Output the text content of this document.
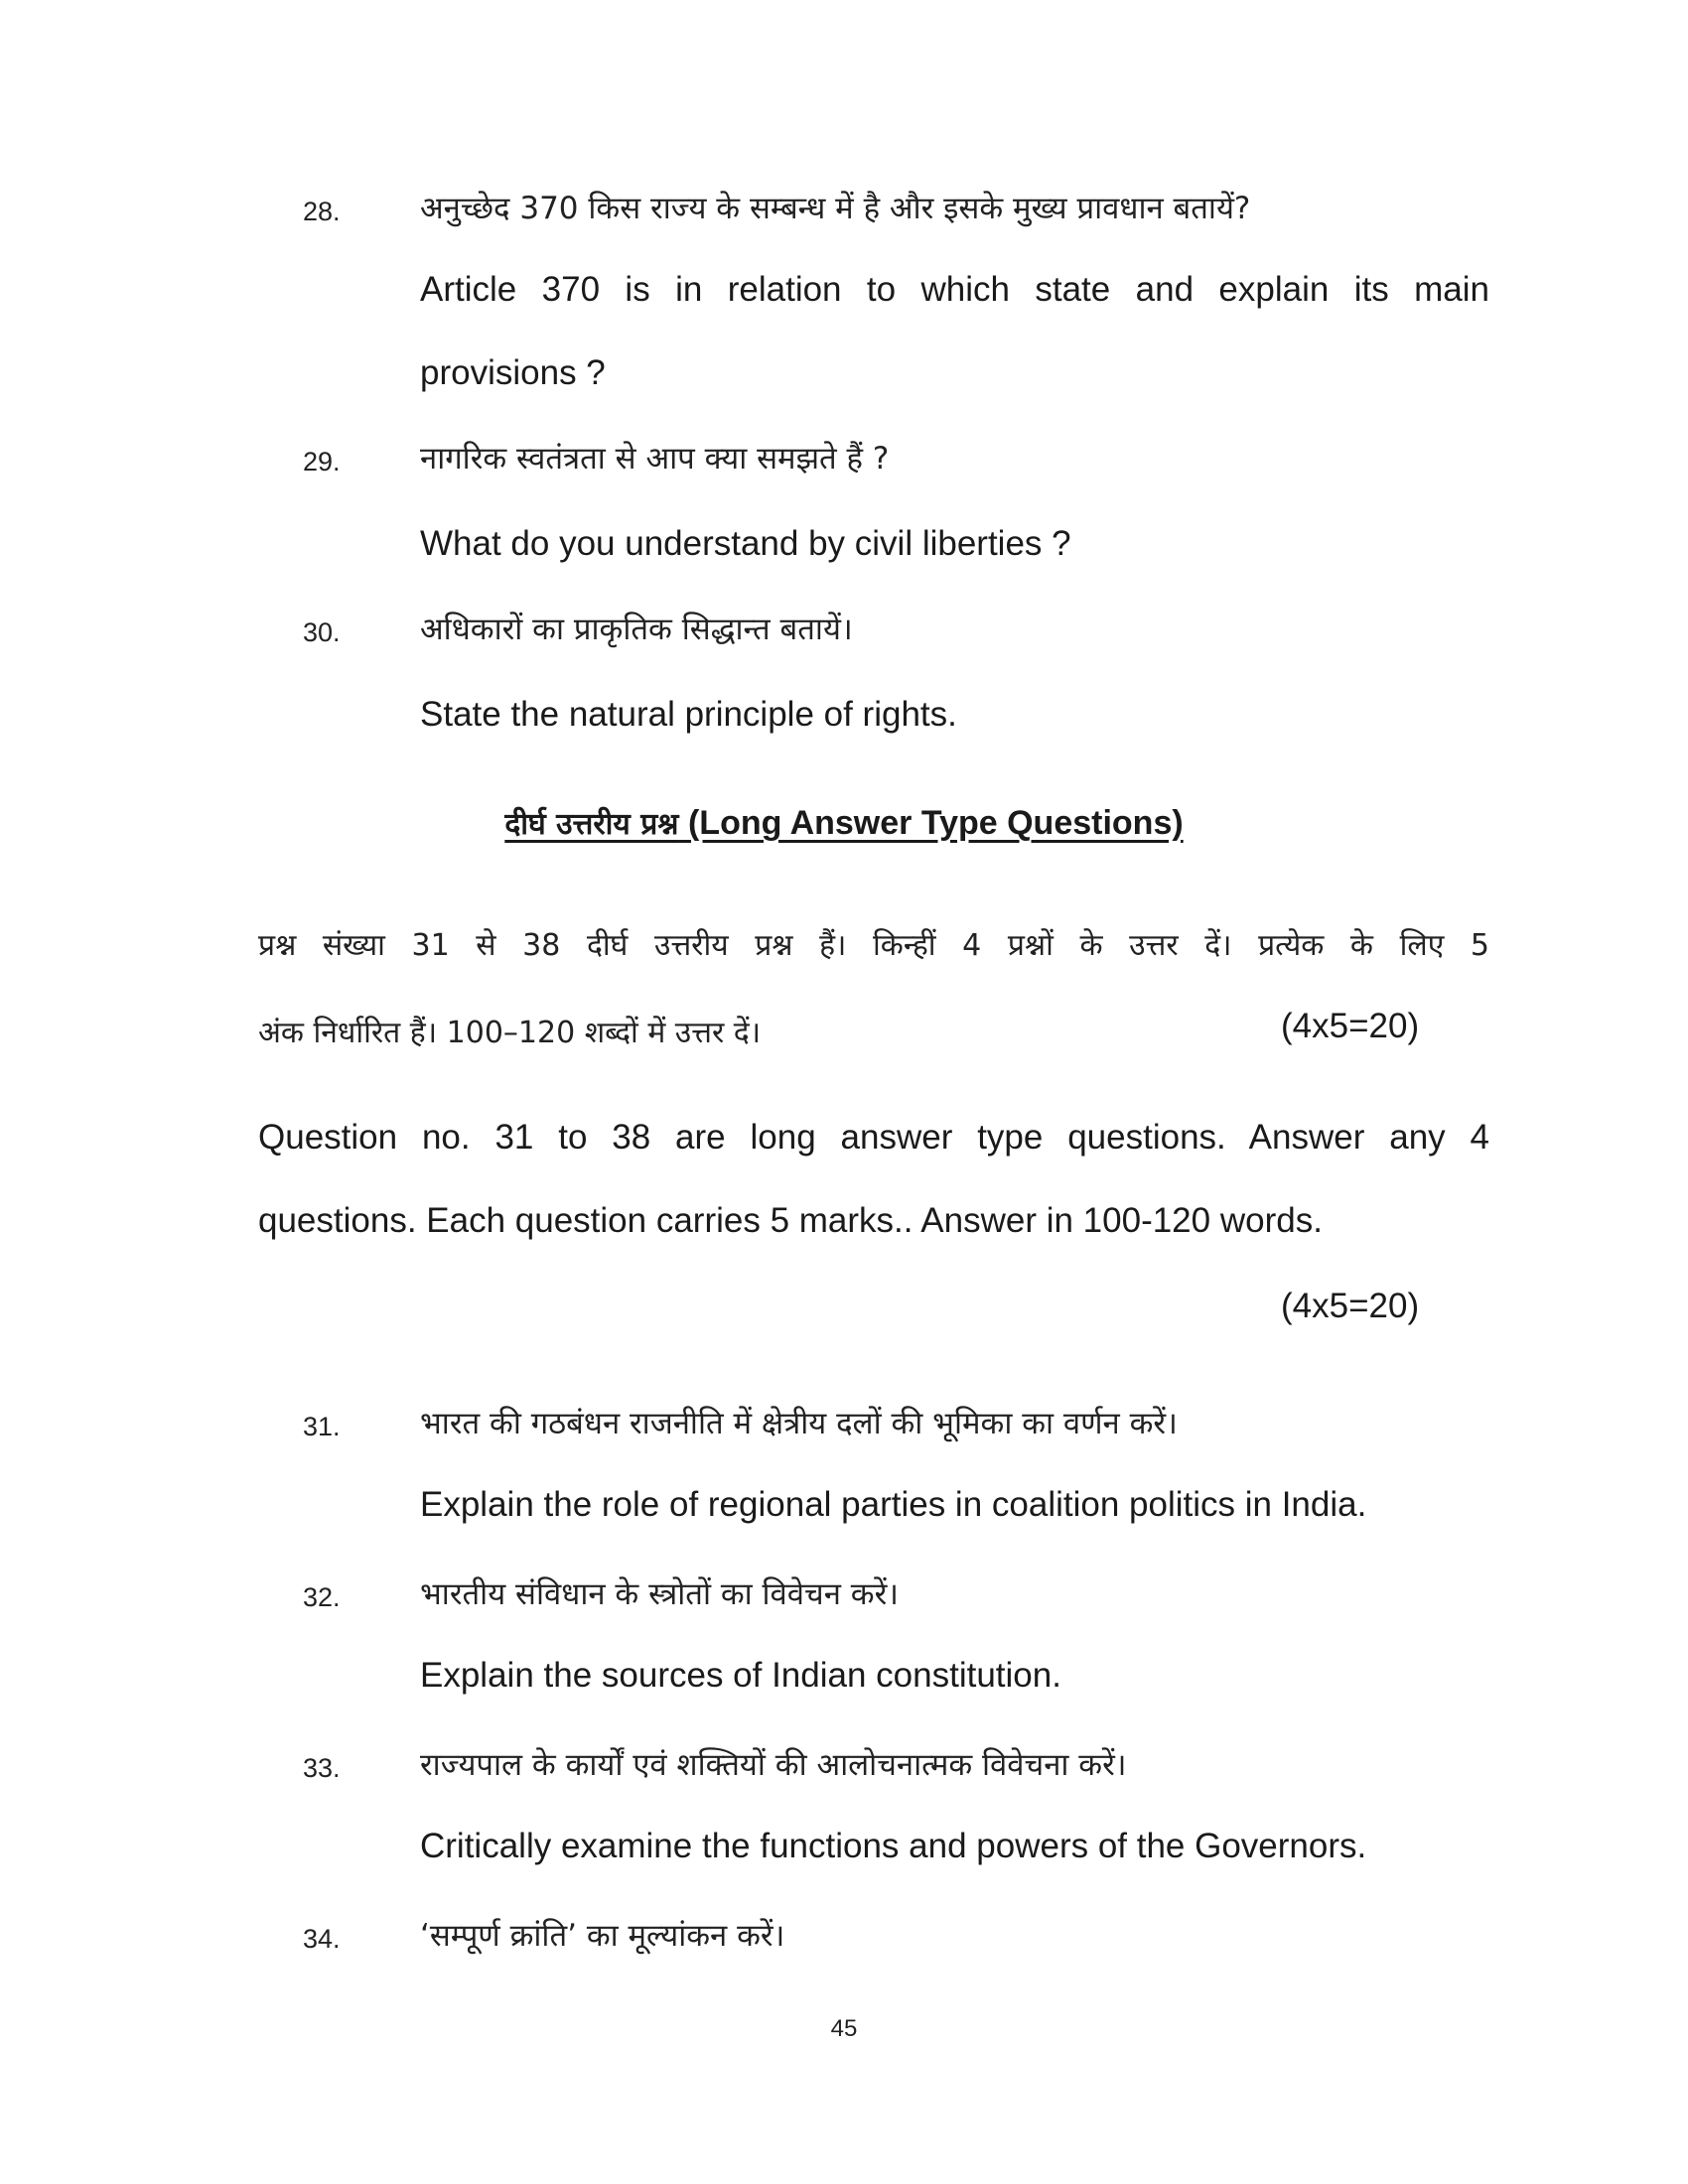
28.	अनुच्छेद 370 किस राज्य के सम्बन्ध में है और इसके मुख्य प्रावधान बतायें?
Article 370 is in relation to which state and explain its main
provisions ?
29.	नागरिक स्वतंत्रता से आप क्या समझते हैं ?
What do you understand by civil liberties ?
30.	अधिकारों का प्राकृतिक सिद्धान्त बतायें।
State the natural principle of rights.
दीर्घ उत्तरीय प्रश्न (Long Answer Type Questions)
प्रश्न संख्या 31 से 38 दीर्घ उत्तरीय प्रश्न हैं। किन्हीं 4 प्रश्नों के उत्तर दें। प्रत्येक के लिए 5
अंक निर्धारित हैं। 100–120 शब्दों में उत्तर दें।	(4x5=20)
Question no. 31 to 38 are long answer type questions. Answer any 4
questions. Each question carries 5 marks.. Answer in 100-120 words.
(4x5=20)
31.	भारत की गठबंधन राजनीति में क्षेत्रीय दलों की भूमिका का वर्णन करें।
Explain the role of regional parties in coalition politics in India.
32.	भारतीय संविधान के स्त्रोतों का विवेचन करें।
Explain the sources of Indian constitution.
33.	राज्यपाल के कार्यों एवं शक्तियों की आलोचनात्मक विवेचना करें।
Critically examine the functions and powers of the Governors.
34.	‘सम्पूर्ण क्रांति’ का मूल्यांकन करें।
45
